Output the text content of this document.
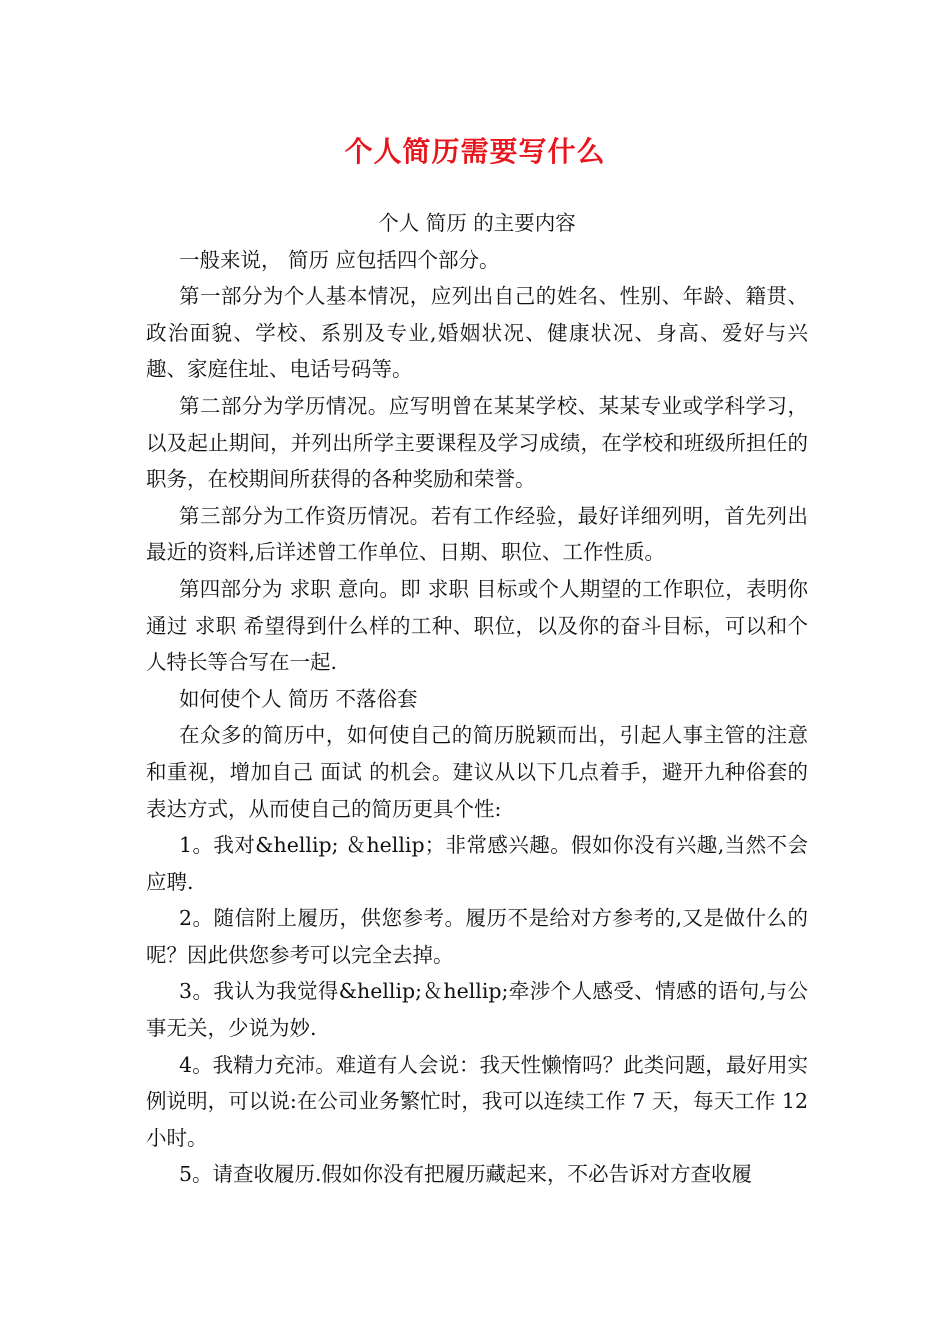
个人简历需要写什么

个人 简历 的主要内容

一般来说， 简历 应包括四个部分。

第一部分为个人基本情况，应列出自己的姓名、性别、年龄、籍贯、政治面貌、学校、系别及专业,婚姻状况、健康状况、身高、爱好与兴趣、家庭住址、电话号码等。

第二部分为学历情况。应写明曾在某某学校、某某专业或学科学习，以及起止期间，并列出所学主要课程及学习成绩，在学校和班级所担任的职务，在校期间所获得的各种奖励和荣誉。

第三部分为工作资历情况。若有工作经验，最好详细列明，首先列出最近的资料,后详述曾工作单位、日期、职位、工作性质。

第四部分为 求职 意向。即 求职 目标或个人期望的工作职位，表明你通过 求职 希望得到什么样的工种、职位，以及你的奋斗目标，可以和个人特长等合写在一起.

如何使个人 简历 不落俗套

在众多的简历中，如何使自己的简历脱颖而出，引起人事主管的注意和重视，增加自己 面试 的机会。建议从以下几点着手，避开九种俗套的表达方式，从而使自己的简历更具个性:

1。我对&hellip; ＆hellip；非常感兴趣。假如你没有兴趣,当然不会应聘.

2。随信附上履历，供您参考。履历不是给对方参考的,又是做什么的呢？因此供您参考可以完全去掉。

3。我认为我觉得&hellip;＆hellip;牵涉个人感受、情感的语句,与公事无关，少说为妙.

4。我精力充沛。难道有人会说：我天性懒惰吗？此类问题，最好用实例说明，可以说:在公司业务繁忙时，我可以连续工作 7 天，每天工作 12 小时。

5。请查收履历.假如你没有把履历藏起来，不必告诉对方查收履
